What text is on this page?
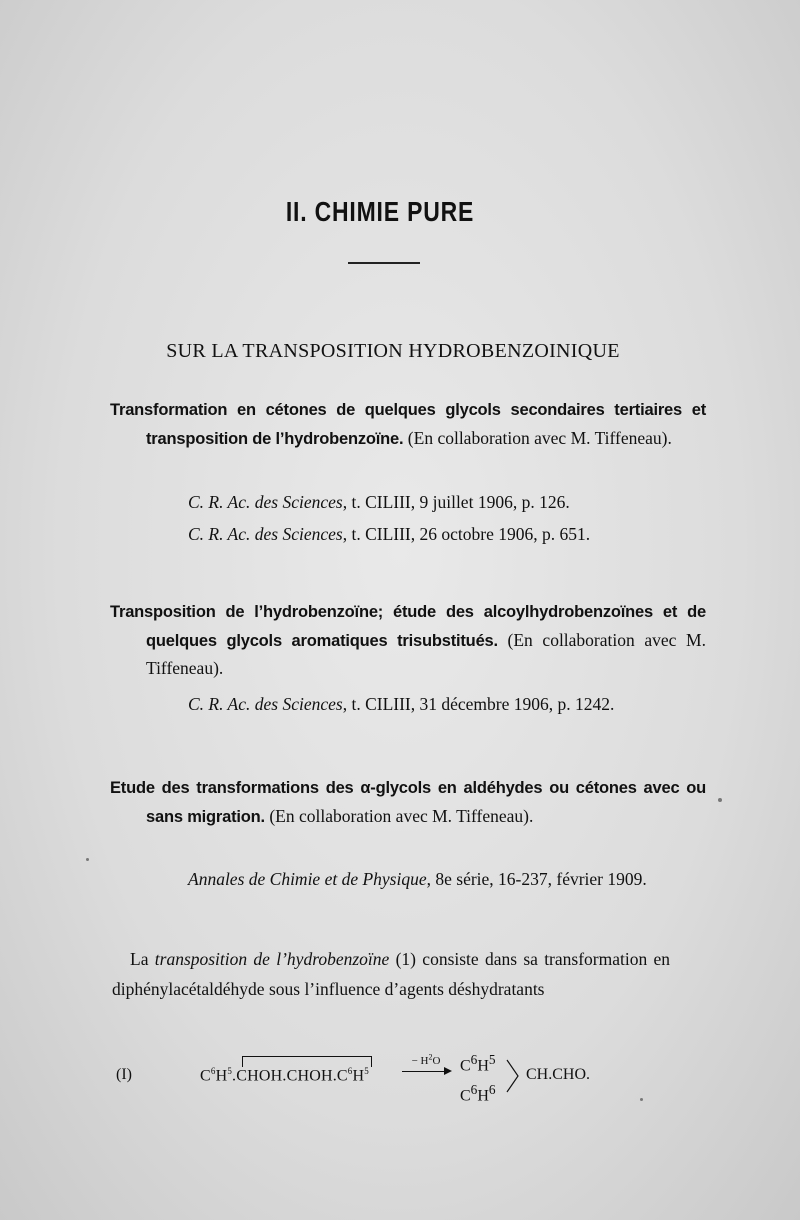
II. CHIMIE PURE
SUR LA TRANSPOSITION HYDROBENZOINIQUE
Transformation en cétones de quelques glycols secondaires tertiaires et transposition de l’hydrobenzoïne. (En collaboration avec M. Tiffeneau).
C. R. Ac. des Sciences, t. CILIII, 9 juillet 1906, p. 126.
C. R. Ac. des Sciences, t. CILIII, 26 octobre 1906, p. 651.
Transposition de l’hydrobenzoïne; étude des alcoylhydrobenzoïnes et de quelques glycols aromatiques trisubstitués. (En collaboration avec M. Tiffeneau).
C. R. Ac. des Sciences, t. CILIII, 31 décembre 1906, p. 1242.
Etude des transformations des α-glycols en aldéhydes ou cétones avec ou sans migration. (En collaboration avec M. Tiffeneau).
Annales de Chimie et de Physique, 8e série, 16-237, février 1909.
La transposition de l’hydrobenzoïne (1) consiste dans sa transformation en diphénylacétaldéhyde sous l’influence d’agents déshydratants
(I)	$C^6H^5.CHOH.CHOH.C^6H^5$
− $H^2O$	$C^6H^5$
$C^6H^6$
CH.CHO.
